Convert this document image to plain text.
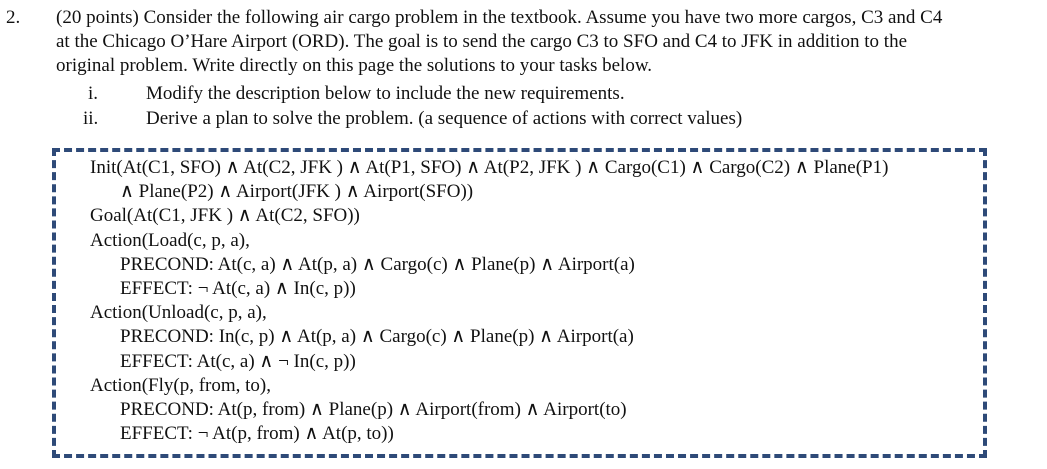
2. (20 points) Consider the following air cargo problem in the textbook. Assume you have two more cargos, C3 and C4
at the Chicago O’Hare Airport (ORD). The goal is to send the cargo C3 to SFO and C4 to JFK in addition to the
original problem. Write directly on this page the solutions to your tasks below.
i.	Modify the description below to include the new requirements.
ii.	Derive a plan to solve the problem. (a sequence of actions with correct values)
Init(At(C1, SFO) ∧ At(C2, JFK ) ∧ At(P1, SFO) ∧ At(P2, JFK ) ∧ Cargo(C1) ∧ Cargo(C2) ∧ Plane(P1)
∧ Plane(P2) ∧ Airport(JFK ) ∧ Airport(SFO))
Goal(At(C1, JFK ) ∧ At(C2, SFO))
Action(Load(c, p, a),
PRECOND: At(c, a) ∧ At(p, a) ∧ Cargo(c) ∧ Plane(p) ∧ Airport(a)
EFFECT: ¬ At(c, a) ∧ In(c, p))
Action(Unload(c, p, a),
PRECOND: In(c, p) ∧ At(p, a) ∧ Cargo(c) ∧ Plane(p) ∧ Airport(a)
EFFECT: At(c, a) ∧ ¬ In(c, p))
Action(Fly(p, from, to),
PRECOND: At(p, from) ∧ Plane(p) ∧ Airport(from) ∧ Airport(to)
EFFECT: ¬ At(p, from) ∧ At(p, to))
